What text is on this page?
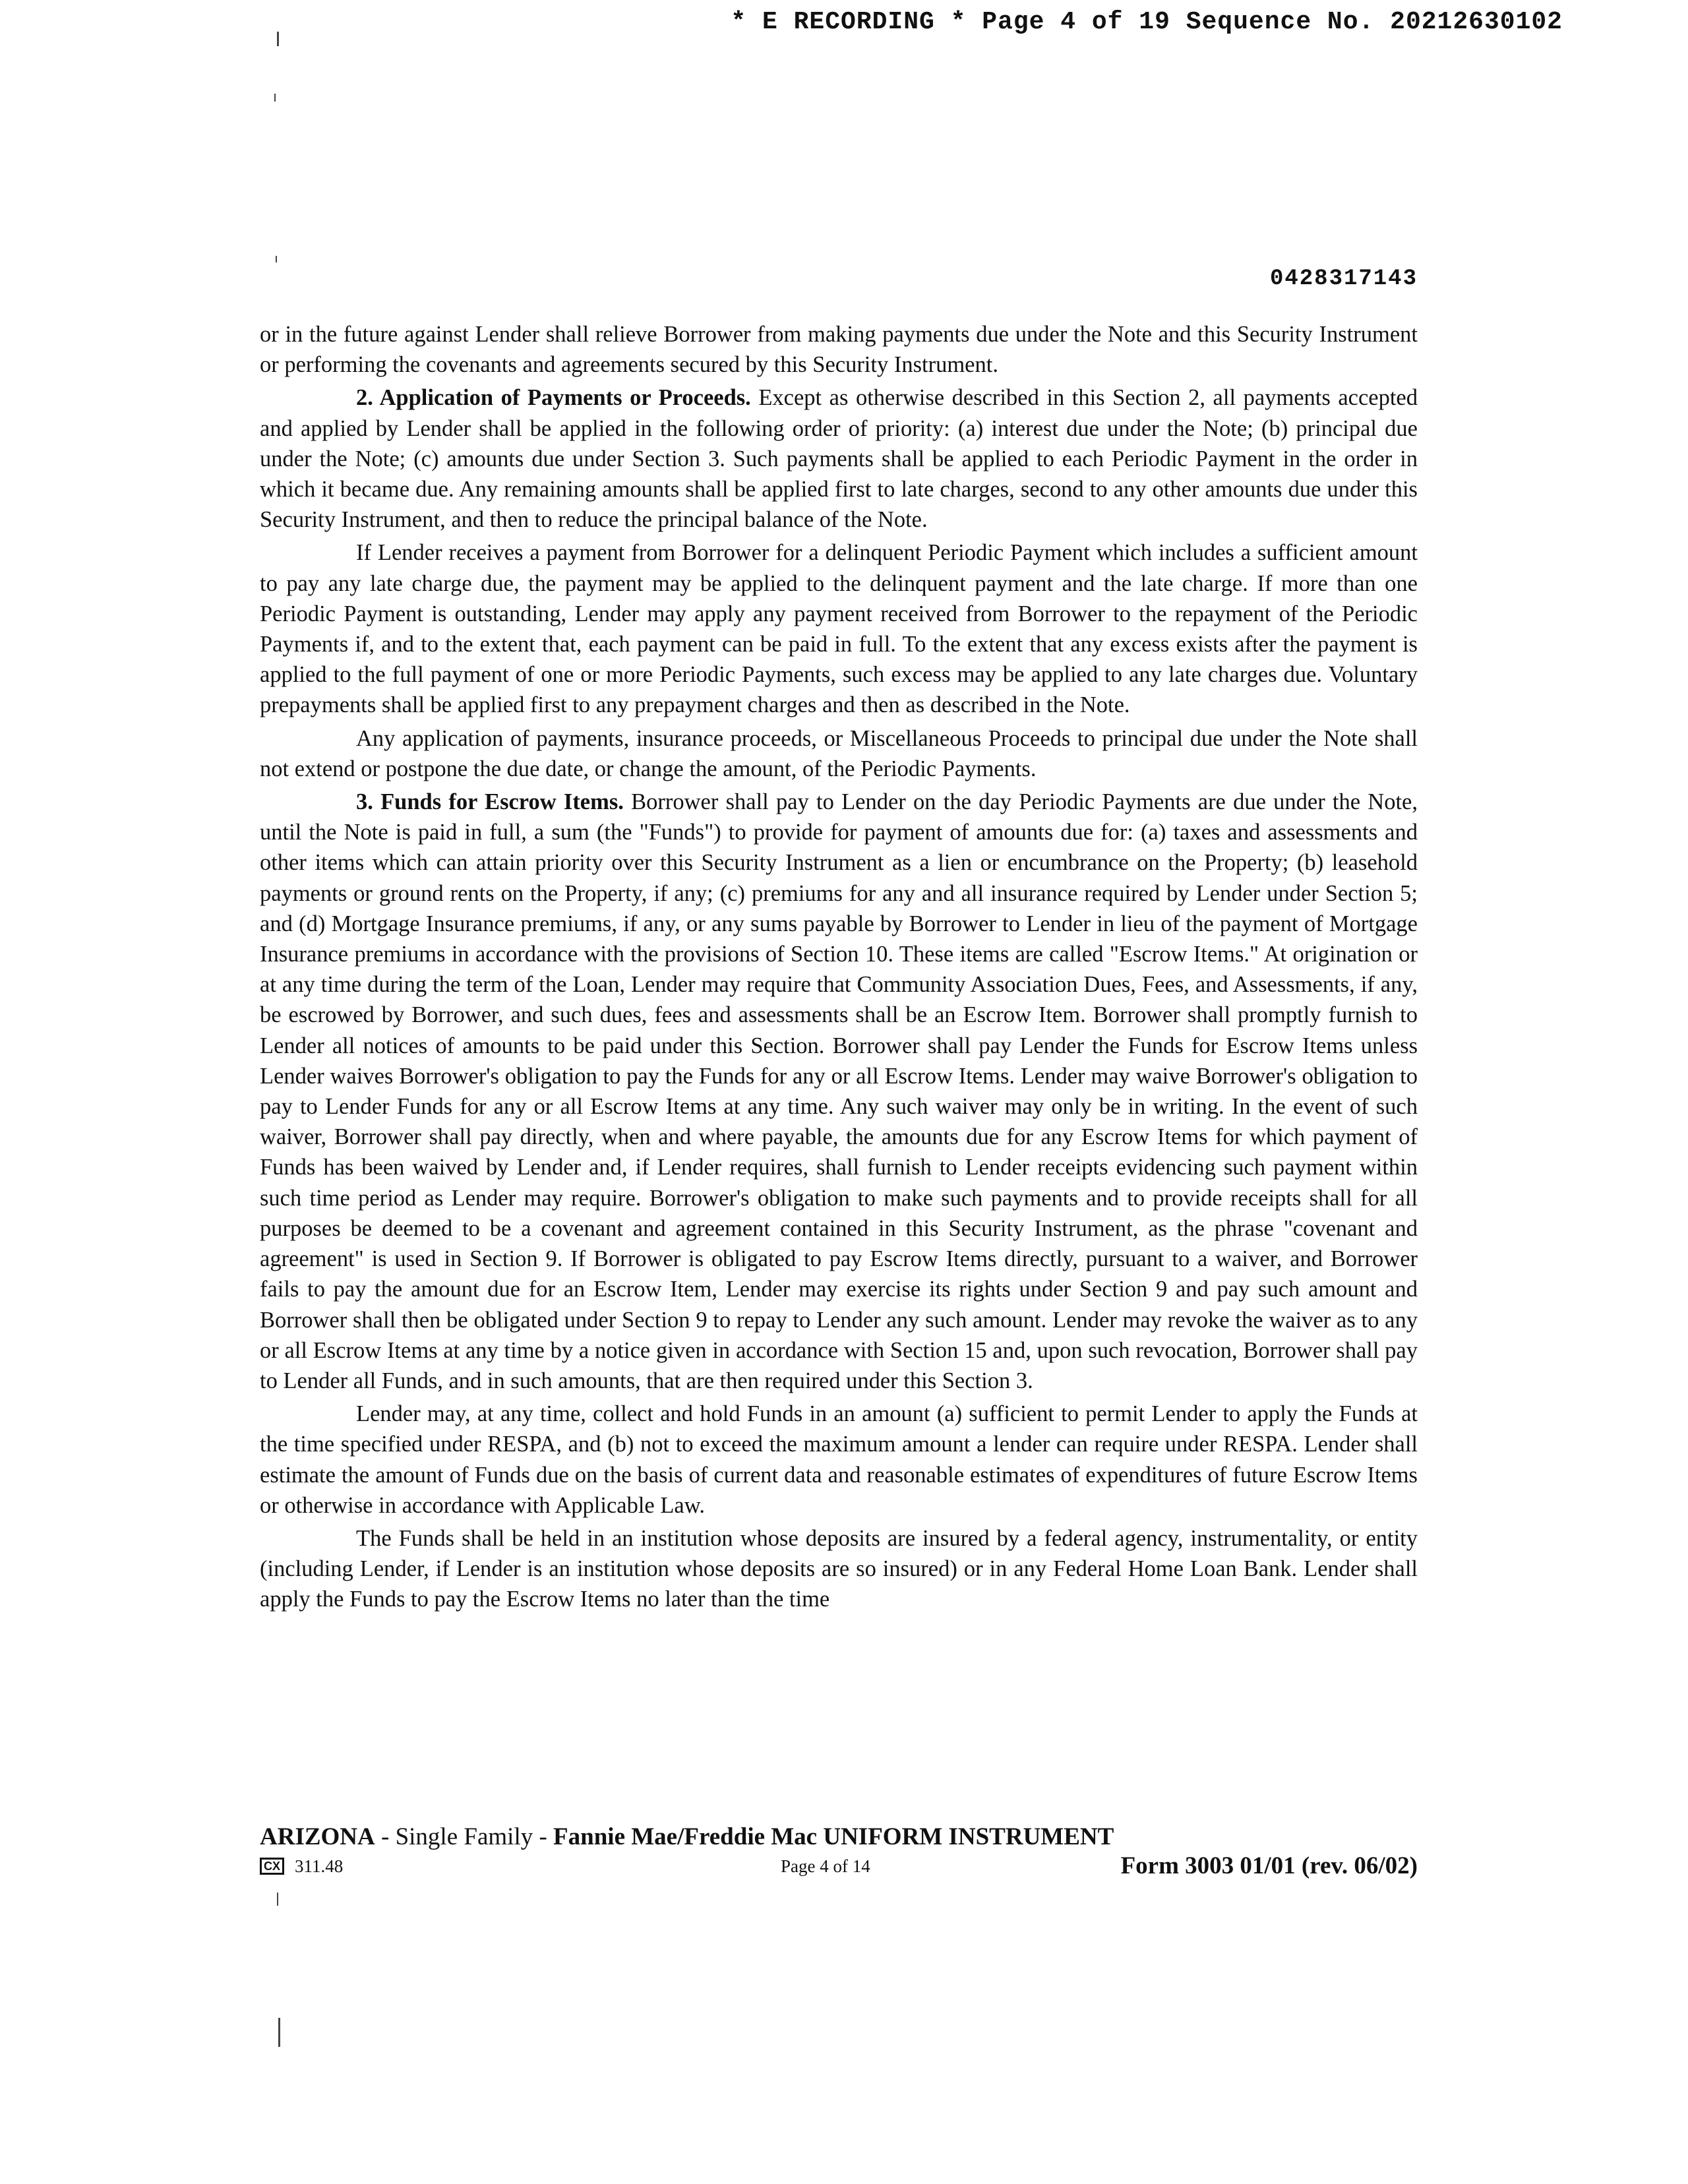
* E RECORDING * Page 4 of 19 Sequence No. 20212630102
0428317143

or in the future against Lender shall relieve Borrower from making payments due under the Note and this Security Instrument or performing the covenants and agreements secured by this Security Instrument.

2. Application of Payments or Proceeds. Except as otherwise described in this Section 2, all payments accepted and applied by Lender shall be applied in the following order of priority: (a) interest due under the Note; (b) principal due under the Note; (c) amounts due under Section 3. Such payments shall be applied to each Periodic Payment in the order in which it became due. Any remaining amounts shall be applied first to late charges, second to any other amounts due under this Security Instrument, and then to reduce the principal balance of the Note.

If Lender receives a payment from Borrower for a delinquent Periodic Payment which includes a sufficient amount to pay any late charge due, the payment may be applied to the delinquent payment and the late charge. If more than one Periodic Payment is outstanding, Lender may apply any payment received from Borrower to the repayment of the Periodic Payments if, and to the extent that, each payment can be paid in full. To the extent that any excess exists after the payment is applied to the full payment of one or more Periodic Payments, such excess may be applied to any late charges due. Voluntary prepayments shall be applied first to any prepayment charges and then as described in the Note.

Any application of payments, insurance proceeds, or Miscellaneous Proceeds to principal due under the Note shall not extend or postpone the due date, or change the amount, of the Periodic Payments.

3. Funds for Escrow Items. Borrower shall pay to Lender on the day Periodic Payments are due under the Note, until the Note is paid in full, a sum (the "Funds") to provide for payment of amounts due for: (a) taxes and assessments and other items which can attain priority over this Security Instrument as a lien or encumbrance on the Property; (b) leasehold payments or ground rents on the Property, if any; (c) premiums for any and all insurance required by Lender under Section 5; and (d) Mortgage Insurance premiums, if any, or any sums payable by Borrower to Lender in lieu of the payment of Mortgage Insurance premiums in accordance with the provisions of Section 10. These items are called "Escrow Items." At origination or at any time during the term of the Loan, Lender may require that Community Association Dues, Fees, and Assessments, if any, be escrowed by Borrower, and such dues, fees and assessments shall be an Escrow Item. Borrower shall promptly furnish to Lender all notices of amounts to be paid under this Section. Borrower shall pay Lender the Funds for Escrow Items unless Lender waives Borrower's obligation to pay the Funds for any or all Escrow Items. Lender may waive Borrower's obligation to pay to Lender Funds for any or all Escrow Items at any time. Any such waiver may only be in writing. In the event of such waiver, Borrower shall pay directly, when and where payable, the amounts due for any Escrow Items for which payment of Funds has been waived by Lender and, if Lender requires, shall furnish to Lender receipts evidencing such payment within such time period as Lender may require. Borrower's obligation to make such payments and to provide receipts shall for all purposes be deemed to be a covenant and agreement contained in this Security Instrument, as the phrase "covenant and agreement" is used in Section 9. If Borrower is obligated to pay Escrow Items directly, pursuant to a waiver, and Borrower fails to pay the amount due for an Escrow Item, Lender may exercise its rights under Section 9 and pay such amount and Borrower shall then be obligated under Section 9 to repay to Lender any such amount. Lender may revoke the waiver as to any or all Escrow Items at any time by a notice given in accordance with Section 15 and, upon such revocation, Borrower shall pay to Lender all Funds, and in such amounts, that are then required under this Section 3.

Lender may, at any time, collect and hold Funds in an amount (a) sufficient to permit Lender to apply the Funds at the time specified under RESPA, and (b) not to exceed the maximum amount a lender can require under RESPA. Lender shall estimate the amount of Funds due on the basis of current data and reasonable estimates of expenditures of future Escrow Items or otherwise in accordance with Applicable Law.

The Funds shall be held in an institution whose deposits are insured by a federal agency, instrumentality, or entity (including Lender, if Lender is an institution whose deposits are so insured) or in any Federal Home Loan Bank. Lender shall apply the Funds to pay the Escrow Items no later than the time

ARIZONA - Single Family - Fannie Mae/Freddie Mac UNIFORM INSTRUMENT
CX 311.48	Page 4 of 14	Form 3003 01/01 (rev. 06/02)
